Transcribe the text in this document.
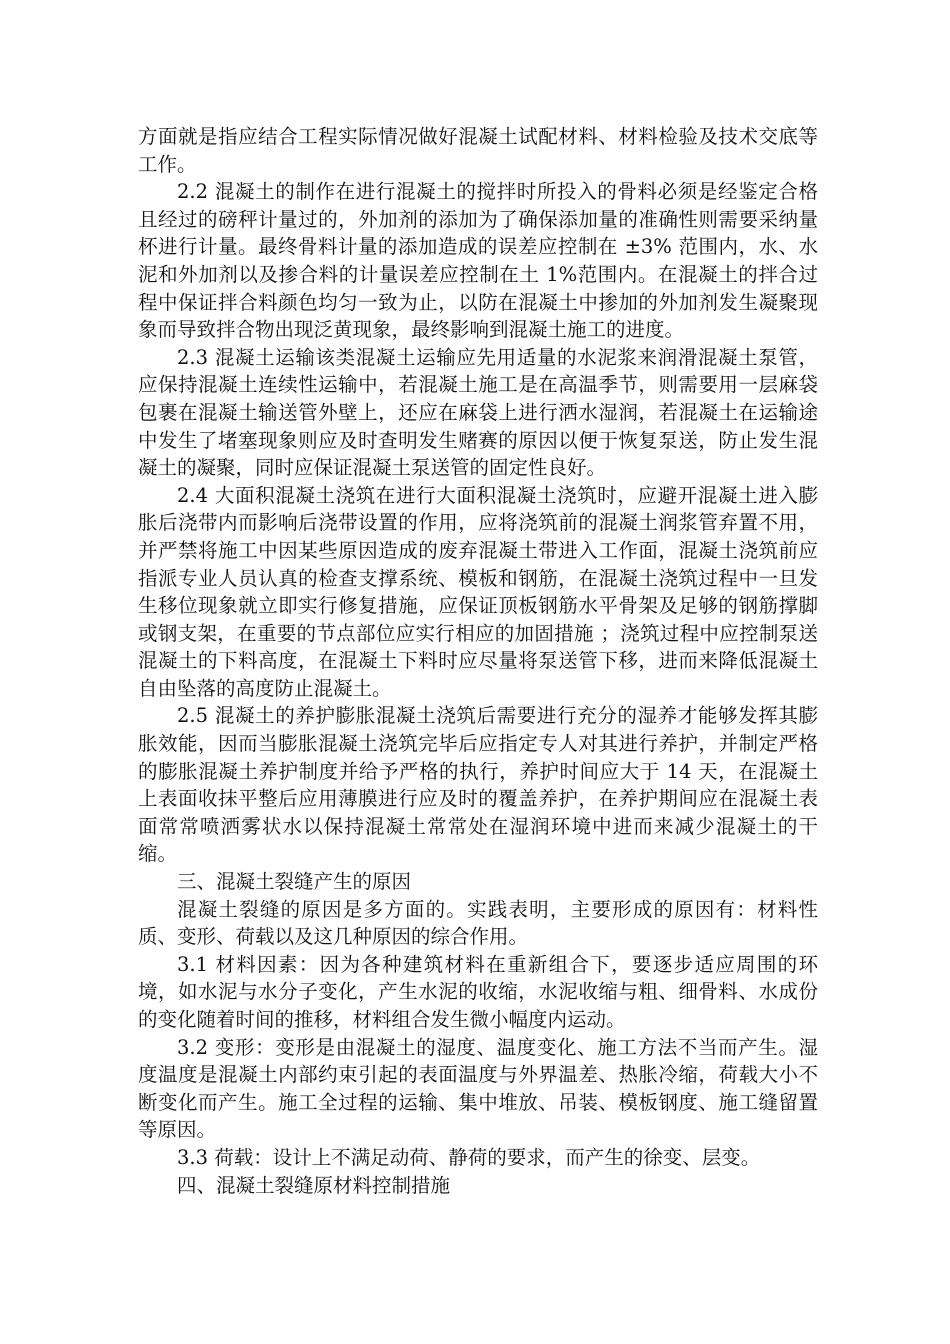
方面就是指应结合工程实际情况做好混凝土试配材料、材料检验及技术交底等工作。

2.2 混凝土的制作在进行混凝土的搅拌时所投入的骨料必须是经鉴定合格且经过的磅秤计量过的，外加剂的添加为了确保添加量的准确性则需要采纳量杯进行计量。最终骨料计量的添加造成的误差应控制在 ±3% 范围内，水、水泥和外加剂以及掺合料的计量误差应控制在土 1%范围内。在混凝土的拌合过程中保证拌合料颜色均匀一致为止，以防在混凝土中掺加的外加剂发生凝聚现象而导致拌合物出现泛黄现象，最终影响到混凝土施工的进度。

2.3 混凝土运输该类混凝土运输应先用适量的水泥浆来润滑混凝土泵管，应保持混凝土连续性运输中，若混凝土施工是在高温季节，则需要用一层麻袋包裹在混凝土输送管外壁上，还应在麻袋上进行洒水湿润，若混凝土在运输途中发生了堵塞现象则应及时查明发生赌赛的原因以便于恢复泵送，防止发生混凝土的凝聚，同时应保证混凝土泵送管的固定性良好。

2.4 大面积混凝土浇筑在进行大面积混凝土浇筑时，应避开混凝土进入膨胀后浇带内而影响后浇带设置的作用，应将浇筑前的混凝土润浆管弃置不用，并严禁将施工中因某些原因造成的废弃混凝土带进入工作面，混凝土浇筑前应指派专业人员认真的检查支撑系统、模板和钢筋，在混凝土浇筑过程中一旦发生移位现象就立即实行修复措施，应保证顶板钢筋水平骨架及足够的钢筋撑脚或钢支架，在重要的节点部位应实行相应的加固措施 ；浇筑过程中应控制泵送混凝土的下料高度，在混凝土下料时应尽量将泵送管下移，进而来降低混凝土自由坠落的高度防止混凝土。

2.5 混凝土的养护膨胀混凝土浇筑后需要进行充分的湿养才能够发挥其膨胀效能，因而当膨胀混凝土浇筑完毕后应指定专人对其进行养护，并制定严格的膨胀混凝土养护制度并给予严格的执行，养护时间应大于 14 天，在混凝土上表面收抹平整后应用薄膜进行应及时的覆盖养护，在养护期间应在混凝土表面常常喷洒雾状水以保持混凝土常常处在湿润环境中进而来减少混凝土的干缩。

三、混凝土裂缝产生的原因

混凝土裂缝的原因是多方面的。实践表明，主要形成的原因有：材料性质、变形、荷载以及这几种原因的综合作用。

3.1 材料因素：因为各种建筑材料在重新组合下，要逐步适应周围的环境，如水泥与水分子变化，产生水泥的收缩，水泥收缩与粗、细骨料、水成份的变化随着时间的推移，材料组合发生微小幅度内运动。

3.2 变形：变形是由混凝土的湿度、温度变化、施工方法不当而产生。湿度温度是混凝土内部约束引起的表面温度与外界温差、热胀冷缩，荷载大小不断变化而产生。施工全过程的运输、集中堆放、吊装、模板钢度、施工缝留置等原因。

3.3 荷载：设计上不满足动荷、静荷的要求，而产生的徐变、层变。

四、混凝土裂缝原材料控制措施
